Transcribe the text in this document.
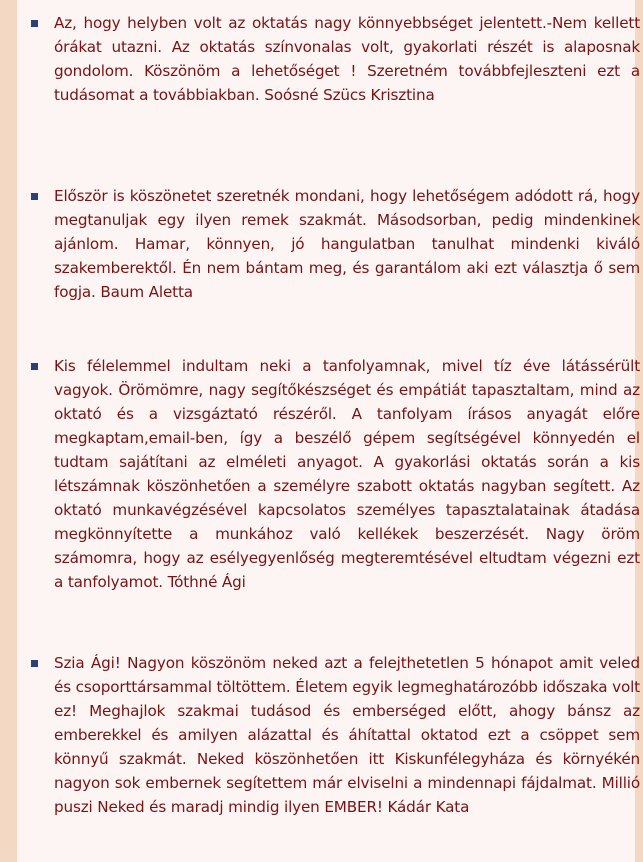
Az, hogy helyben volt az oktatás nagy könnyebbséget jelentett.-Nem kellett órákat utazni. Az oktatás színvonalas volt, gyakorlati részét is alaposnak gondolom. Köszönöm a lehetőséget ! Szeretném továbbfejleszteni ezt a tudásomat a továbbiakban. Soósné Szücs Krisztina
Először is köszönetet szeretnék mondani, hogy lehetőségem adódott rá, hogy megtanuljak egy ilyen remek szakmát. Másodsorban, pedig mindenkinek ajánlom. Hamar, könnyen, jó hangulatban tanulhat mindenki kiváló szakemberektől. Én nem bántam meg, és garantálom aki ezt választja ő sem fogja. Baum Aletta
Kis félelemmel indultam neki a tanfolyamnak, mivel tíz éve látássérült vagyok. Örömömre, nagy segítőkészséget és empátiát tapasztaltam, mind az oktató és a vizsgáztató részéről. A tanfolyam írásos anyagát előre megkaptam,email-ben, így a beszélő gépem segítségével könnyedén el tudtam sajátítani az elméleti anyagot. A gyakorlási oktatás során a kis létszámnak köszönhetően a személyre szabott oktatás nagyban segített. Az oktató munkavégzésével kapcsolatos személyes tapasztalatainak átadása megkönnyítette a munkához való kellékek beszerzését. Nagy öröm számomra, hogy az esélyegyenlőség megteremtésével eltudtam végezni ezt a tanfolyamot. Tóthné Ági
Szia Ági! Nagyon köszönöm neked azt a felejthetetlen 5 hónapot amit veled és csoporttársammal töltöttem. Életem egyik legmeghatározóbb időszaka volt ez! Meghajlok szakmai tudásod és emberséged előtt, ahogy bánsz az emberekkel és amilyen alázattal és áhítattal oktatod ezt a csöppet sem könnyű szakmát. Neked köszönhetően itt Kiskunfélegyháza és környékén nagyon sok embernek segítettem már elviselni a mindennapi fájdalmat. Millió puszi Neked és maradj mindig ilyen EMBER! Kádár Kata
